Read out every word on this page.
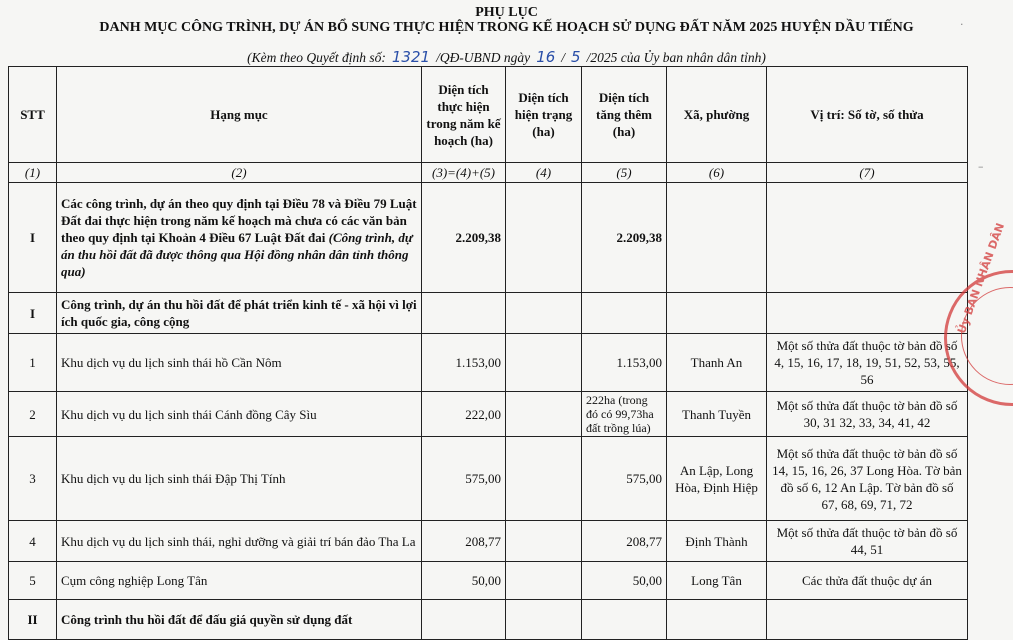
PHỤ LỤC
DANH MỤC CÔNG TRÌNH, DỰ ÁN BỔ SUNG THỰC HIỆN TRONG KẾ HOẠCH SỬ DỤNG ĐẤT NĂM 2025 HUYỆN DẦU TIẾNG
(Kèm theo Quyết định số: 1321 /QĐ-UBND ngày 16 / 5 /2025 của Ủy ban nhân dân tỉnh)
STT	Hạng mục	Diện tích thực hiện trong năm kế hoạch (ha)	Diện tích hiện trạng (ha)	Diện tích tăng thêm (ha)	Xã, phường	Vị trí: Số tờ, số thửa
(1)	(2)	(3)=(4)+(5)	(4)	(5)	(6)	(7)
I	Các công trình, dự án theo quy định tại Điều 78 và Điều 79 Luật Đất đai thực hiện trong năm kế hoạch mà chưa có các văn bản theo quy định tại Khoản 4 Điều 67 Luật Đất đai (Công trình, dự án thu hồi đất đã được thông qua Hội đồng nhân dân tỉnh thông qua)	2.209,38		2.209,38		
I	Công trình, dự án thu hồi đất để phát triển kinh tế - xã hội vì lợi ích quốc gia, công cộng					
1	Khu dịch vụ du lịch sinh thái hồ Cần Nôm	1.153,00		1.153,00	Thanh An	Một số thửa đất thuộc tờ bản đồ số 4, 15, 16, 17, 18, 19, 51, 52, 53, 55, 56
2	Khu dịch vụ du lịch sinh thái Cánh đồng Cây Sìu	222,00		222ha (trong đó có 99,73ha đất trồng lúa)	Thanh Tuyền	Một số thửa đất thuộc tờ bản đồ số 30, 31 32, 33, 34, 41, 42
3	Khu dịch vụ du lịch sinh thái Đập Thị Tính	575,00		575,00	An Lập, Long Hòa, Định Hiệp	Một số thửa đất thuộc tờ bản đồ số 14, 15, 16, 26, 37 Long Hòa. Tờ bản đồ số 6, 12 An Lập. Tờ bản đồ số 67, 68, 69, 71, 72
4	Khu dịch vụ du lịch sinh thái, nghỉ dưỡng và giải trí bán đảo Tha La	208,77		208,77	Định Thành	Một số thửa đất thuộc tờ bản đồ số 44, 51
5	Cụm công nghiệp Long Tân	50,00		50,00	Long Tân	Các thửa đất thuộc dự án
II	Công trình thu hồi đất để đấu giá quyền sử dụng đất					
Ủy BAN NHÂN DÂN
·
–
